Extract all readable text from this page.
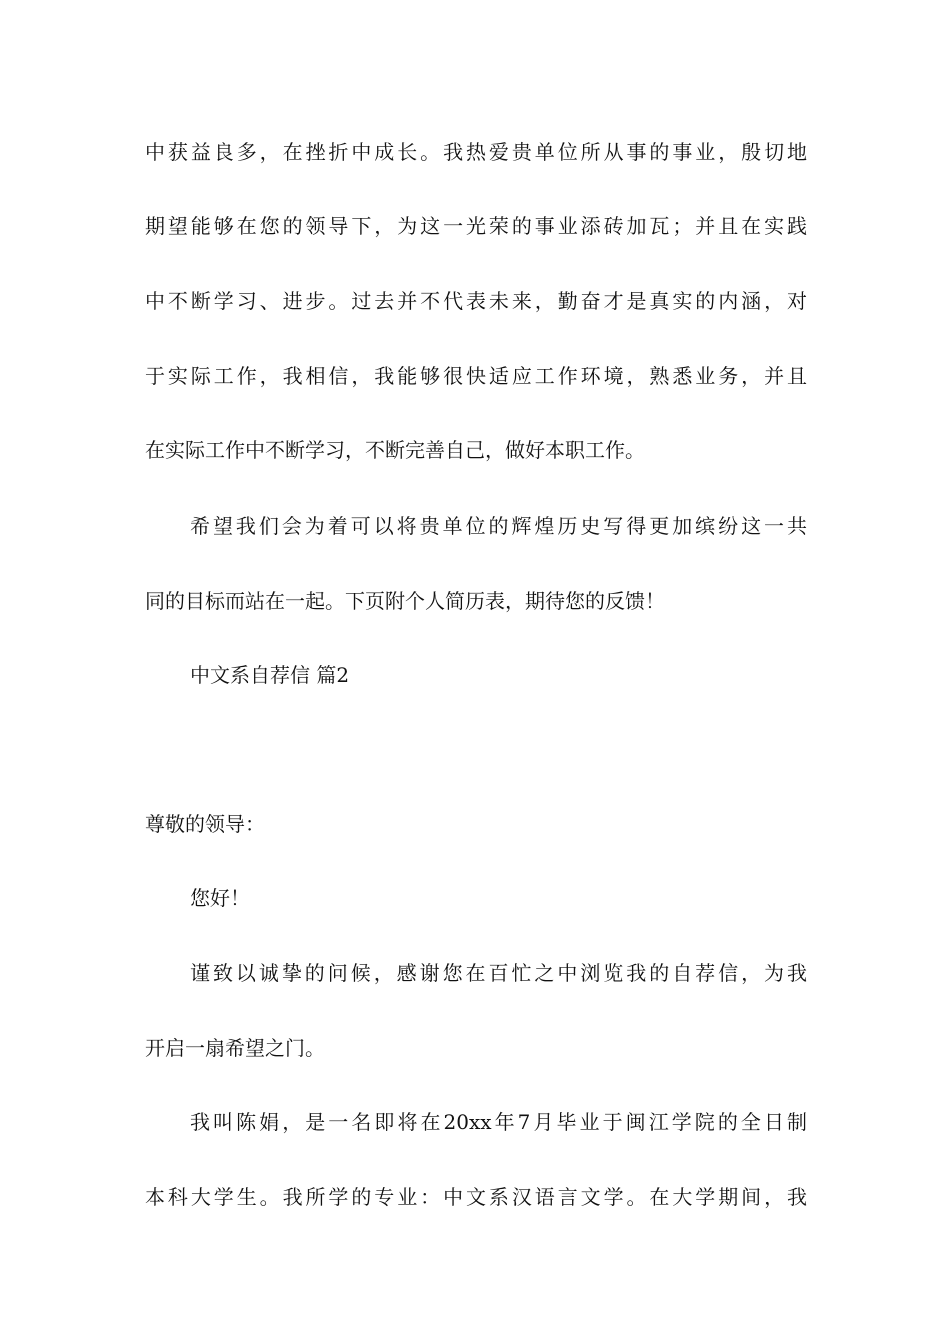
中获益良多，在挫折中成长。我热爱贵单位所从事的事业，殷切地
期望能够在您的领导下，为这一光荣的事业添砖加瓦；并且在实践
中不断学习、进步。过去并不代表未来，勤奋才是真实的内涵，对
于实际工作，我相信，我能够很快适应工作环境，熟悉业务，并且
在实际工作中不断学习，不断完善自己，做好本职工作。
希望我们会为着可以将贵单位的辉煌历史写得更加缤纷这一共
同的目标而站在一起。下页附个人简历表，期待您的反馈！
中文系自荐信 篇2
尊敬的领导：
您好！
谨致以诚挚的问候，感谢您在百忙之中浏览我的自荐信，为我
开启一扇希望之门。
我叫陈娟，是一名即将在20xx年7月毕业于闽江学院的全日制
本科大学生。我所学的专业：中文系汉语言文学。在大学期间，我
